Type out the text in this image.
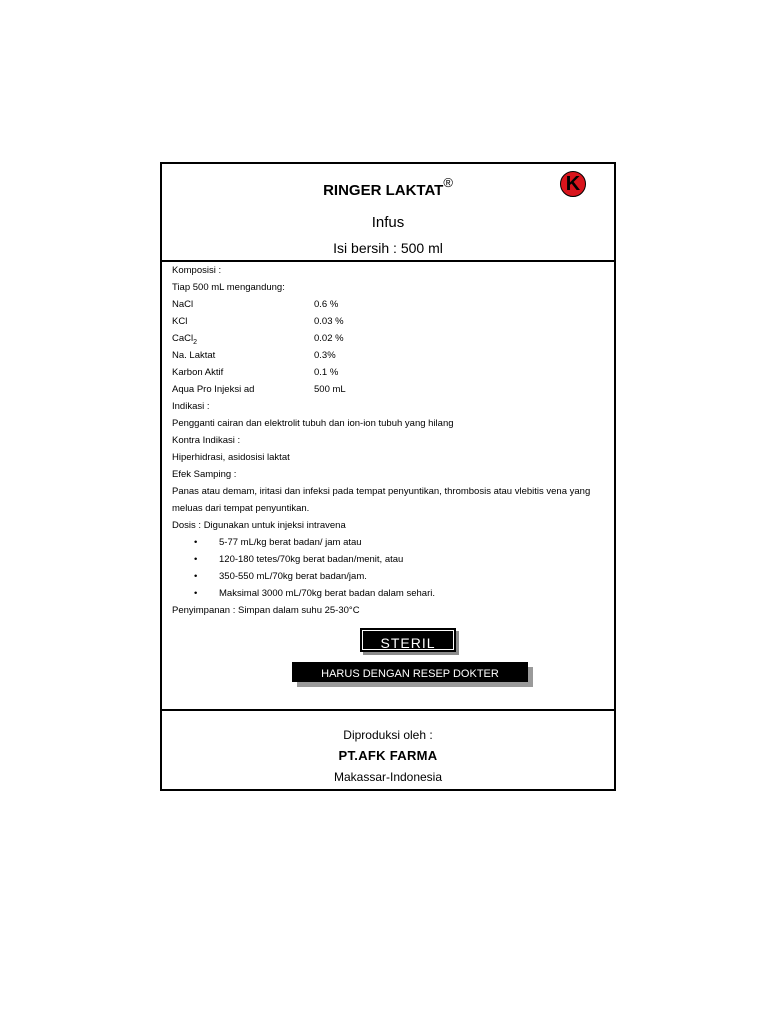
RINGER LAKTAT®	K
Infus
Isi bersih : 500 ml
Komposisi :
Tiap 500 mL mengandung:
NaCl	0.6 %
KCl	0.03 %
CaCl$_2$	0.02 %
Na. Laktat	0.3%
Karbon Aktif	0.1 %
Aqua Pro Injeksi ad	500 mL
Indikasi :
Pengganti cairan dan elektrolit tubuh dan ion-ion tubuh yang hilang
Kontra Indikasi :
Hiperhidrasi, asidosisi laktat
Efek Samping :
Panas atau demam, iritasi dan infeksi pada tempat penyuntikan, thrombosis atau vlebitis vena yang meluas dari tempat penyuntikan.
Dosis : Digunakan untuk injeksi intravena
•	5-77 mL/kg berat badan/ jam atau
•	120-180 tetes/70kg berat badan/menit, atau
•	350-550 mL/70kg berat badan/jam.
•	Maksimal 3000 mL/70kg berat badan dalam sehari.
Penyimpanan : Simpan dalam suhu 25-30°C
STERIL
HARUS DENGAN RESEP DOKTER
Diproduksi oleh :
PT.AFK FARMA
Makassar-Indonesia
